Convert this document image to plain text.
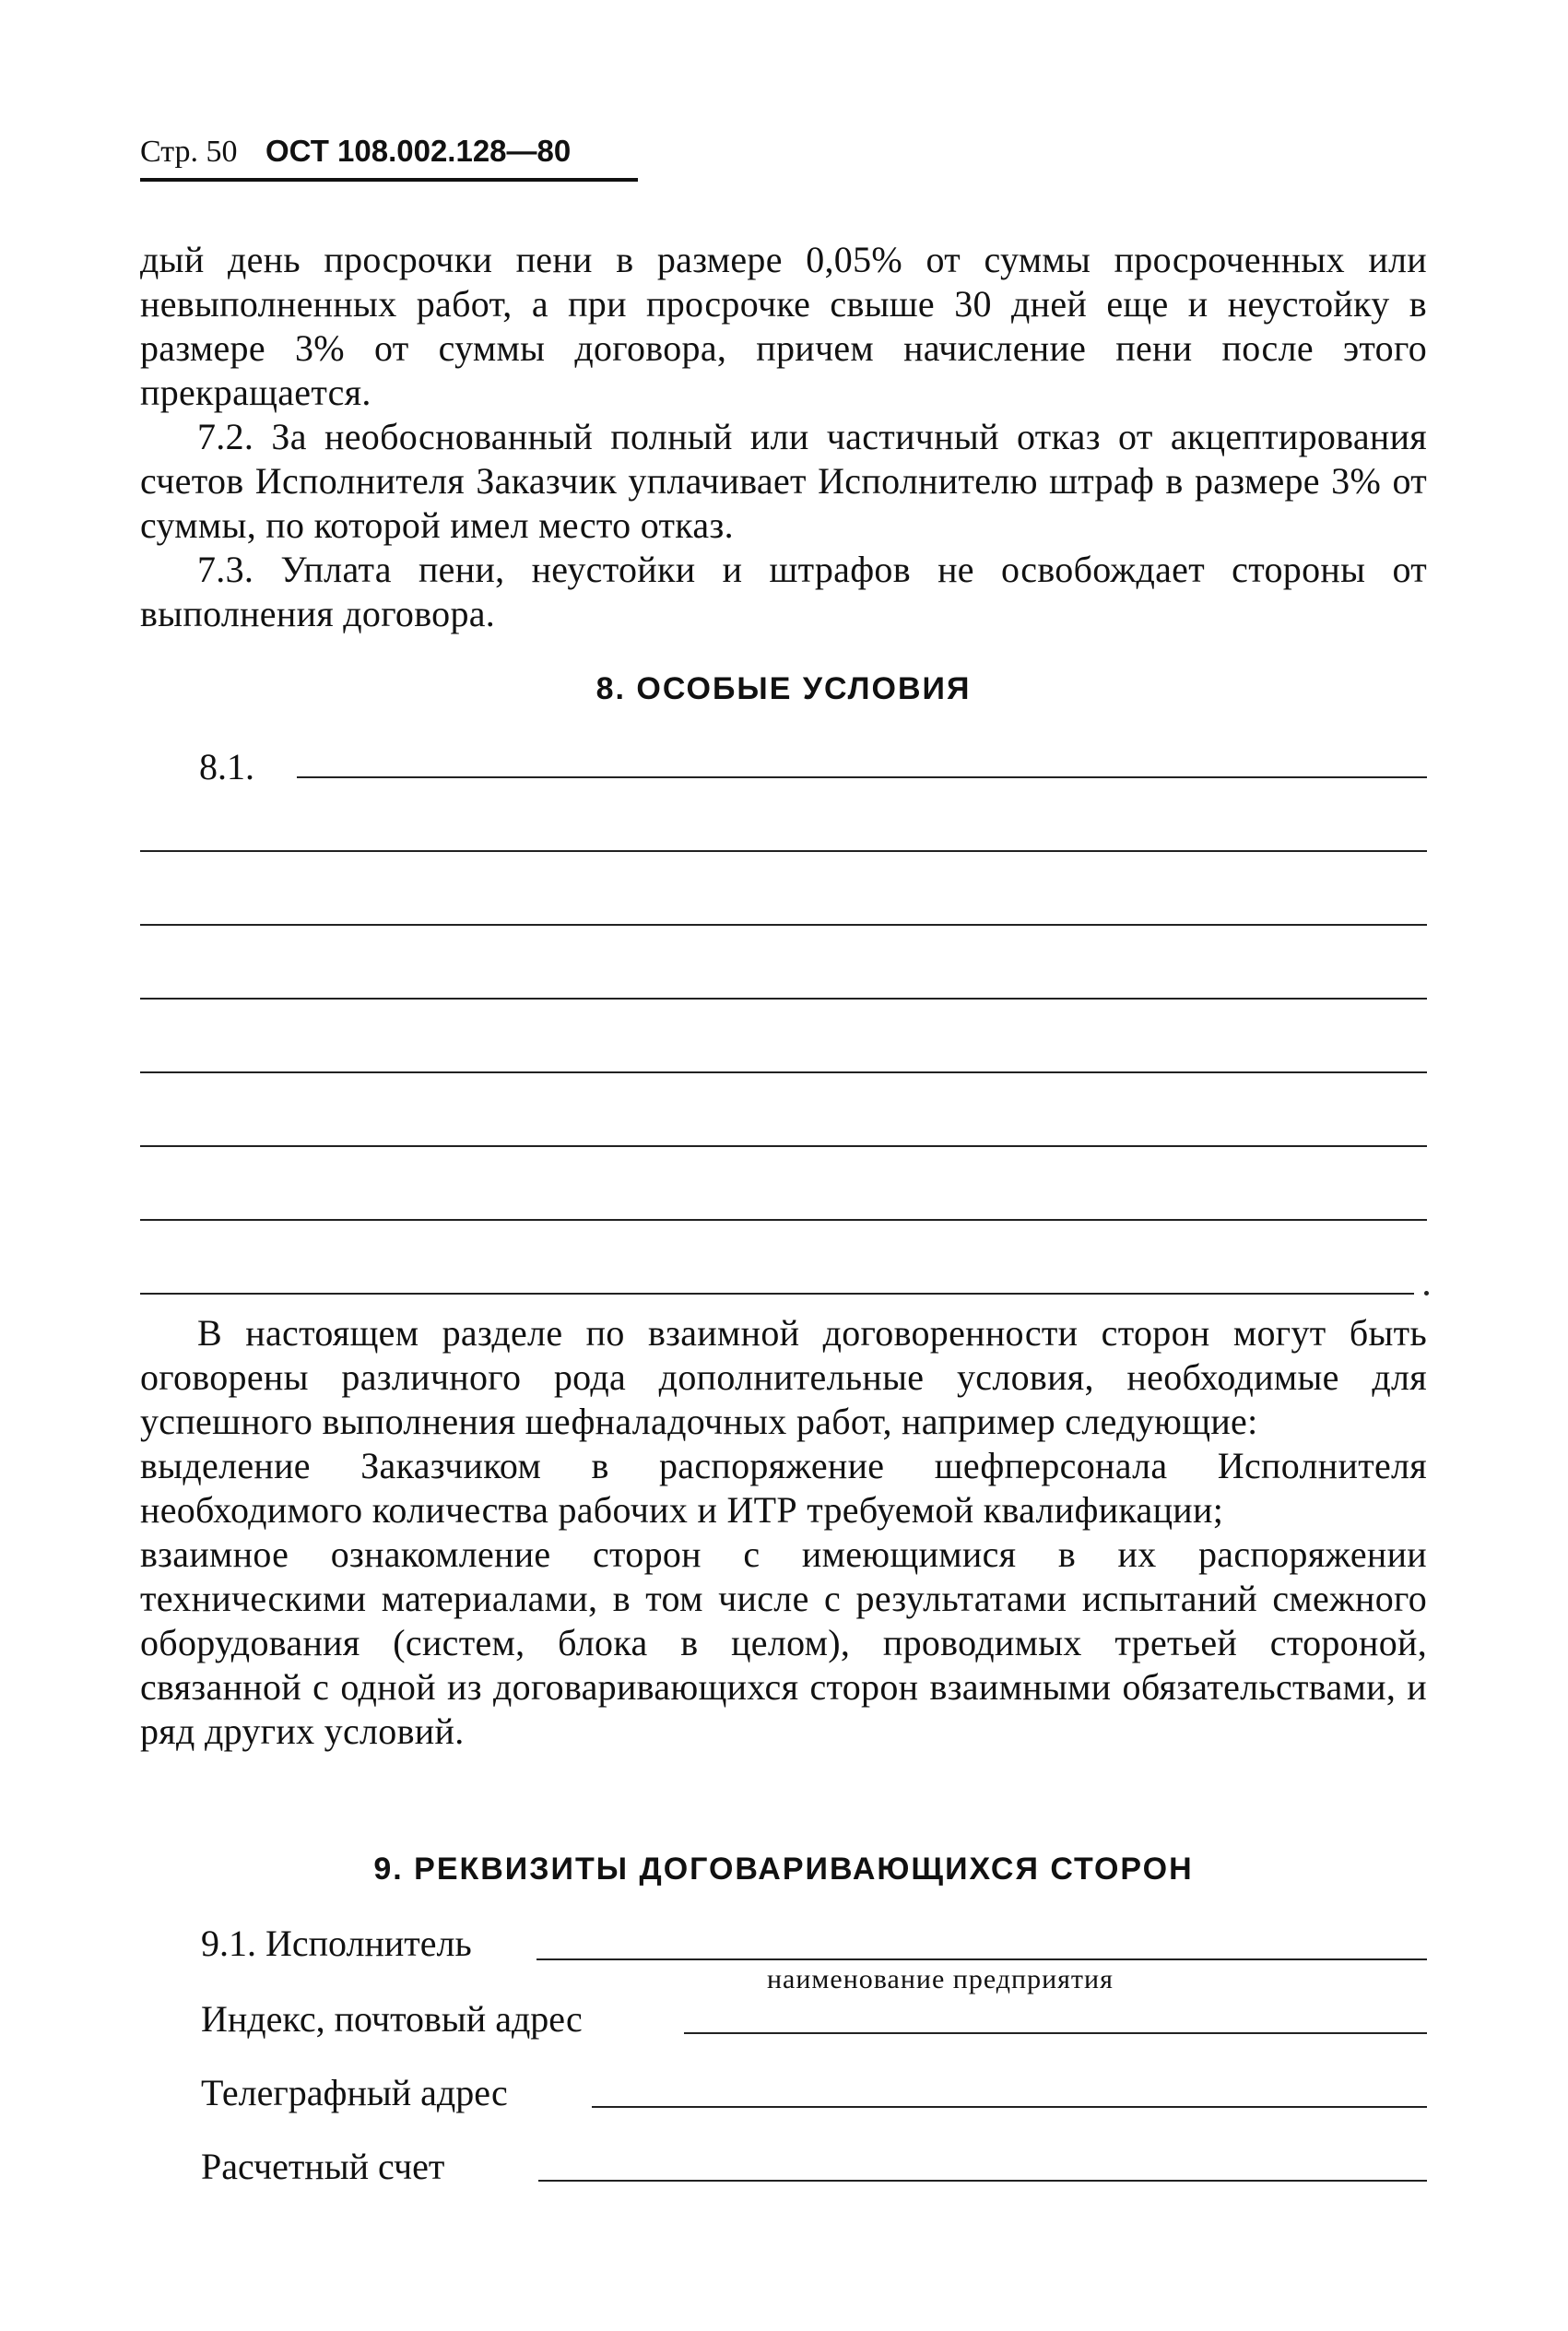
Стр. 50 ОСТ 108.002.128—80

дый день просрочки пени в размере 0,05% от суммы просроченных или невыполненных работ, а при просрочке свыше 30 дней еще и неустойку в размере 3% от суммы договора, причем начисление пени после этого прекращается.

7.2. За необоснованный полный или частичный отказ от акцептирования счетов Исполнителя Заказчик уплачивает Исполнителю штраф в размере 3% от суммы, по которой имел место отказ.

7.3. Уплата пени, неустойки и штрафов не освобождает стороны от выполнения договора.

8. ОСОБЫЕ УСЛОВИЯ
8.1.

В настоящем разделе по взаимной договоренности сторон могут быть оговорены различного рода дополнительные условия, необходимые для успешного выполнения шефналадочных работ, например следующие:

выделение Заказчиком в распоряжение шефперсонала Исполнителя необходимого количества рабочих и ИТР требуемой квалификации;

взаимное ознакомление сторон с имеющимися в их распоряжении техническими материалами, в том числе с результатами испытаний смежного оборудования (систем, блока в целом), проводимых третьей стороной, связанной с одной из договаривающихся сторон взаимными обязательствами, и ряд других условий.

9. РЕКВИЗИТЫ ДОГОВАРИВАЮЩИХСЯ СТОРОН
9.1. Исполнитель
наименование предприятия
Индекс, почтовый адрес
Телеграфный адрес
Расчетный счет
